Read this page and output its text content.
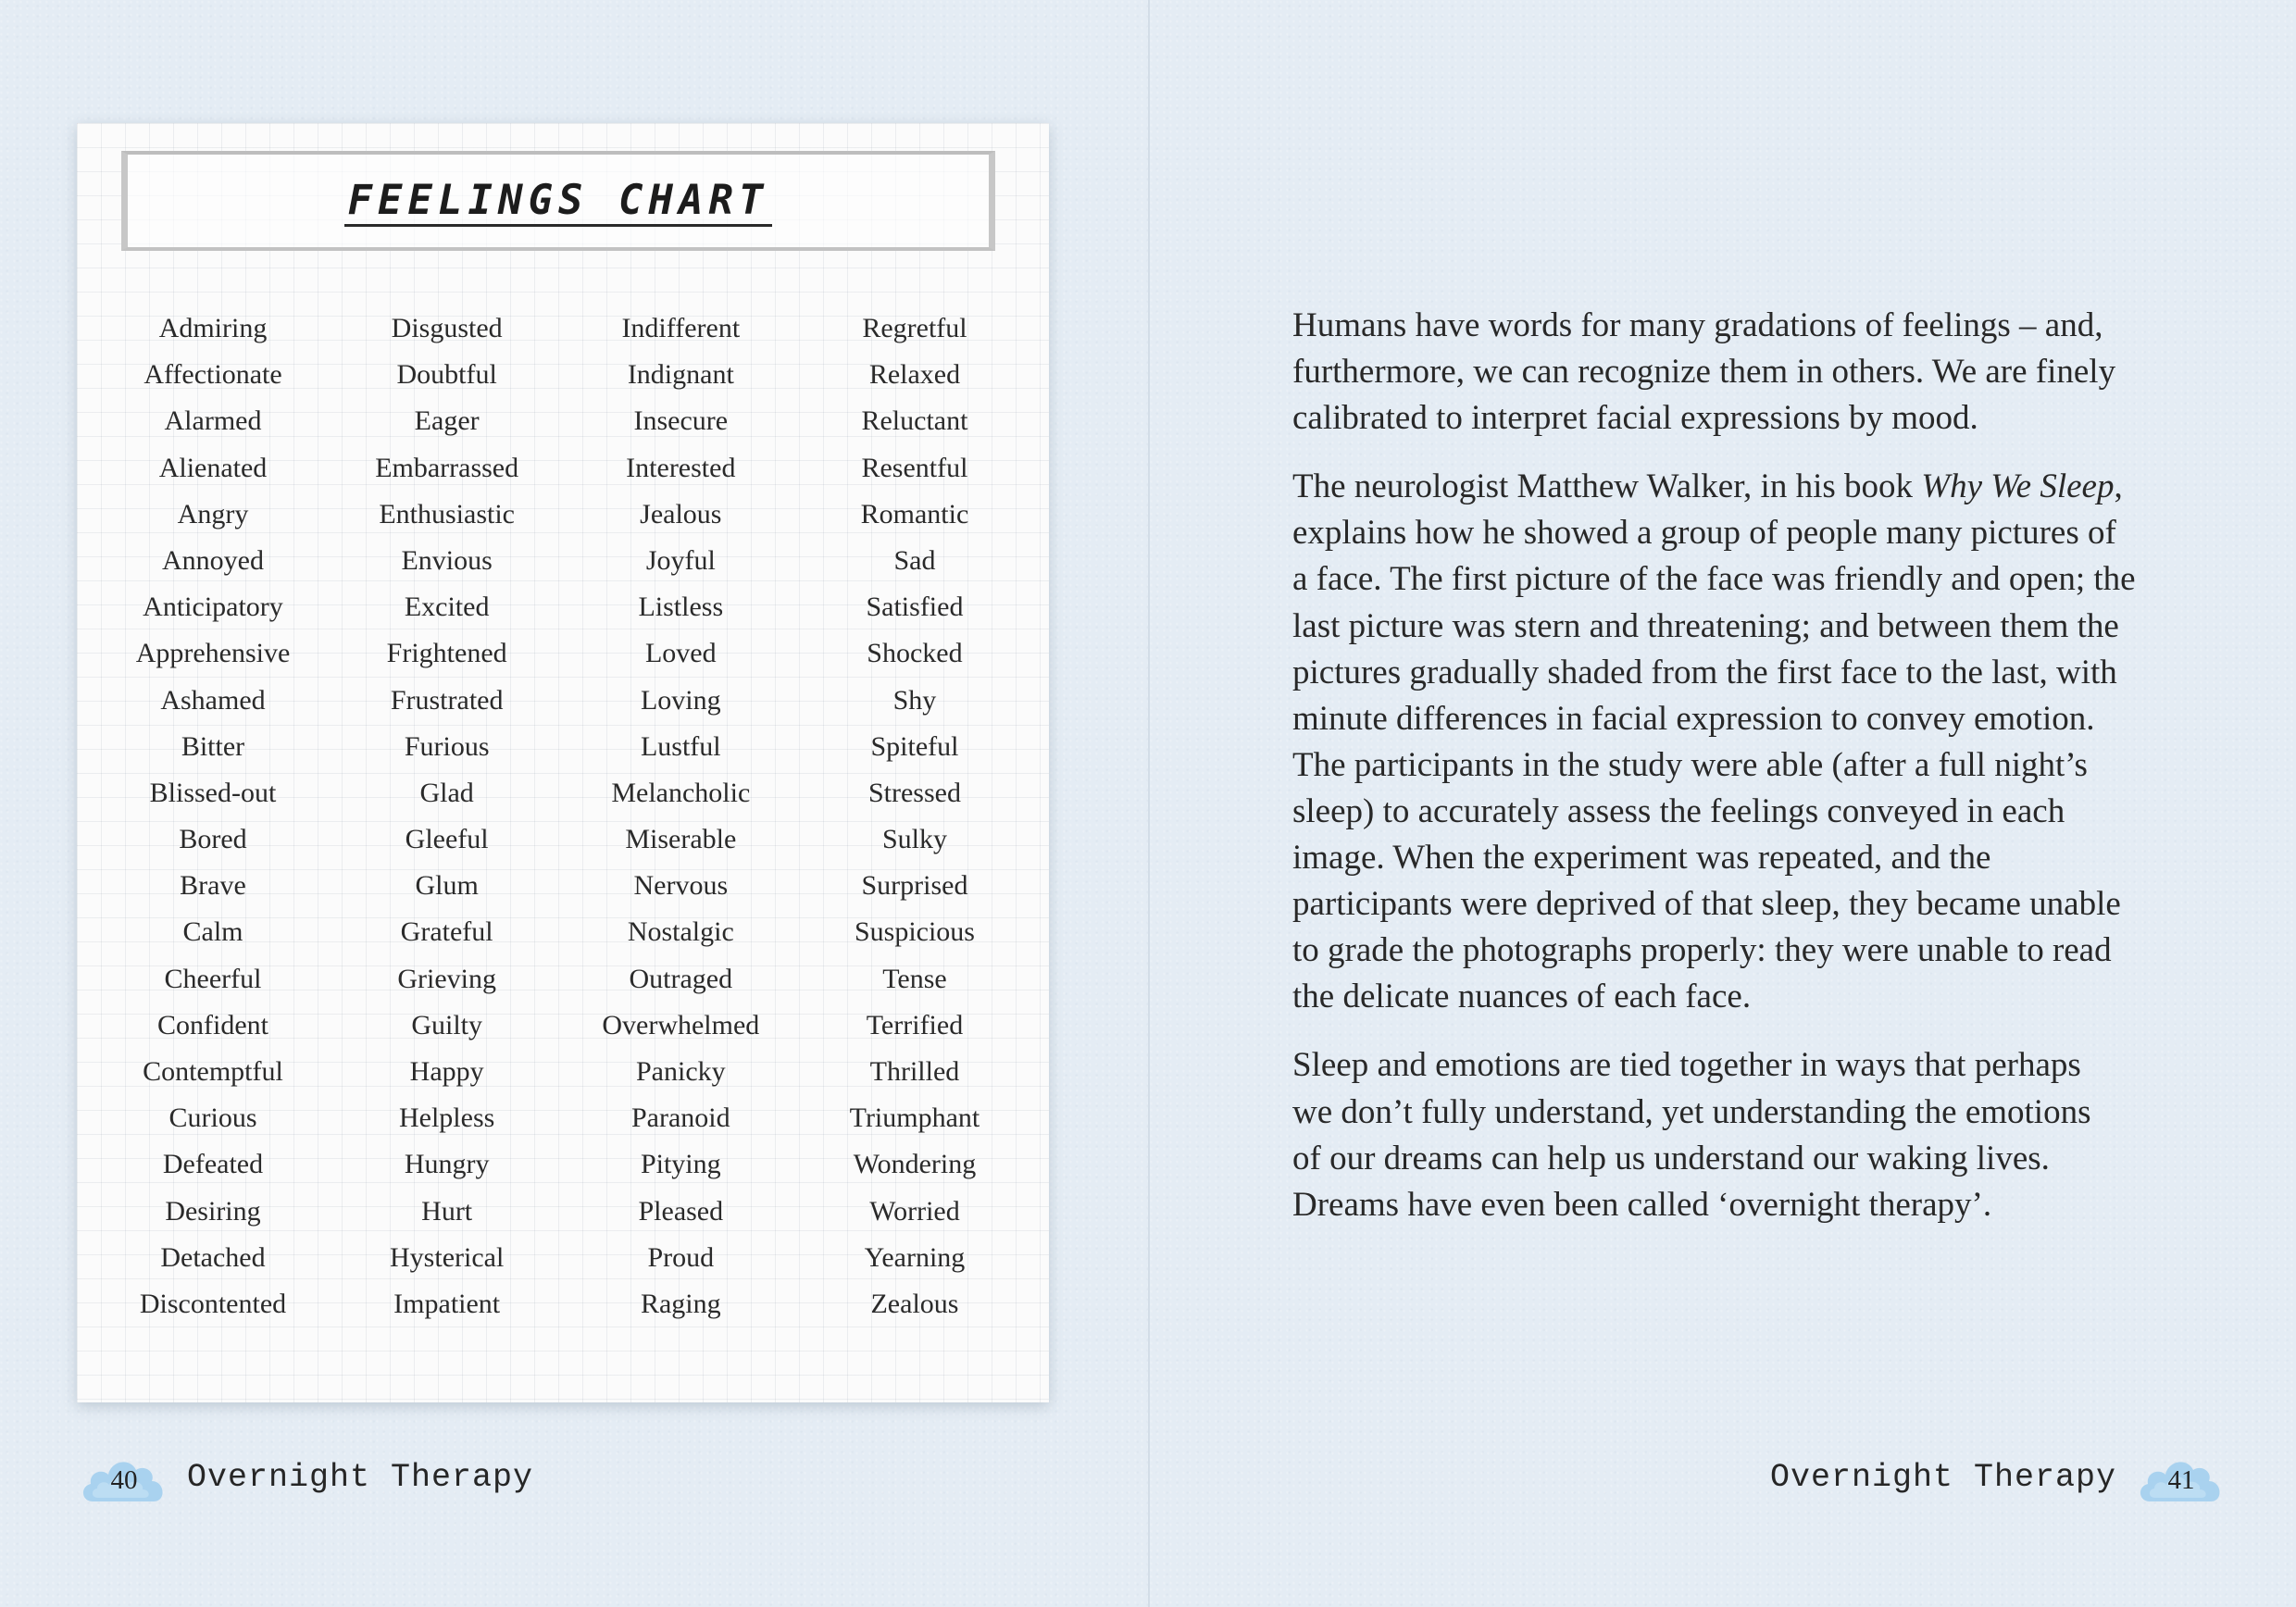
FEELINGS CHART
Admiring
Affectionate
Alarmed
Alienated
Angry
Annoyed
Anticipatory
Apprehensive
Ashamed
Bitter
Blissed-out
Bored
Brave
Calm
Cheerful
Confident
Contemptful
Curious
Defeated
Desiring
Detached
Discontented
Disgusted
Doubtful
Eager
Embarrassed
Enthusiastic
Envious
Excited
Frightened
Frustrated
Furious
Glad
Gleeful
Glum
Grateful
Grieving
Guilty
Happy
Helpless
Hungry
Hurt
Hysterical
Impatient
Indifferent
Indignant
Insecure
Interested
Jealous
Joyful
Listless
Loved
Loving
Lustful
Melancholic
Miserable
Nervous
Nostalgic
Outraged
Overwhelmed
Panicky
Paranoid
Pitying
Pleased
Proud
Raging
Regretful
Relaxed
Reluctant
Resentful
Romantic
Sad
Satisfied
Shocked
Shy
Spiteful
Stressed
Sulky
Surprised
Suspicious
Tense
Terrified
Thrilled
Triumphant
Wondering
Worried
Yearning
Zealous
40	Overnight Therapy

Humans have words for many gradations of feelings – and,
furthermore, we can recognize them in others. We are finely
calibrated to interpret facial expressions by mood.

The neurologist Matthew Walker, in his book Why We Sleep,
explains how he showed a group of people many pictures of
a face. The first picture of the face was friendly and open; the
last picture was stern and threatening; and between them the
pictures gradually shaded from the first face to the last, with
minute differences in facial expression to convey emotion.
The participants in the study were able (after a full night’s
sleep) to accurately assess the feelings conveyed in each
image. When the experiment was repeated, and the
participants were deprived of that sleep, they became unable
to grade the photographs properly: they were unable to read
the delicate nuances of each face.

Sleep and emotions are tied together in ways that perhaps
we don’t fully understand, yet understanding the emotions
of our dreams can help us understand our waking lives.
Dreams have even been called ‘overnight therapy’.

Overnight Therapy	41
